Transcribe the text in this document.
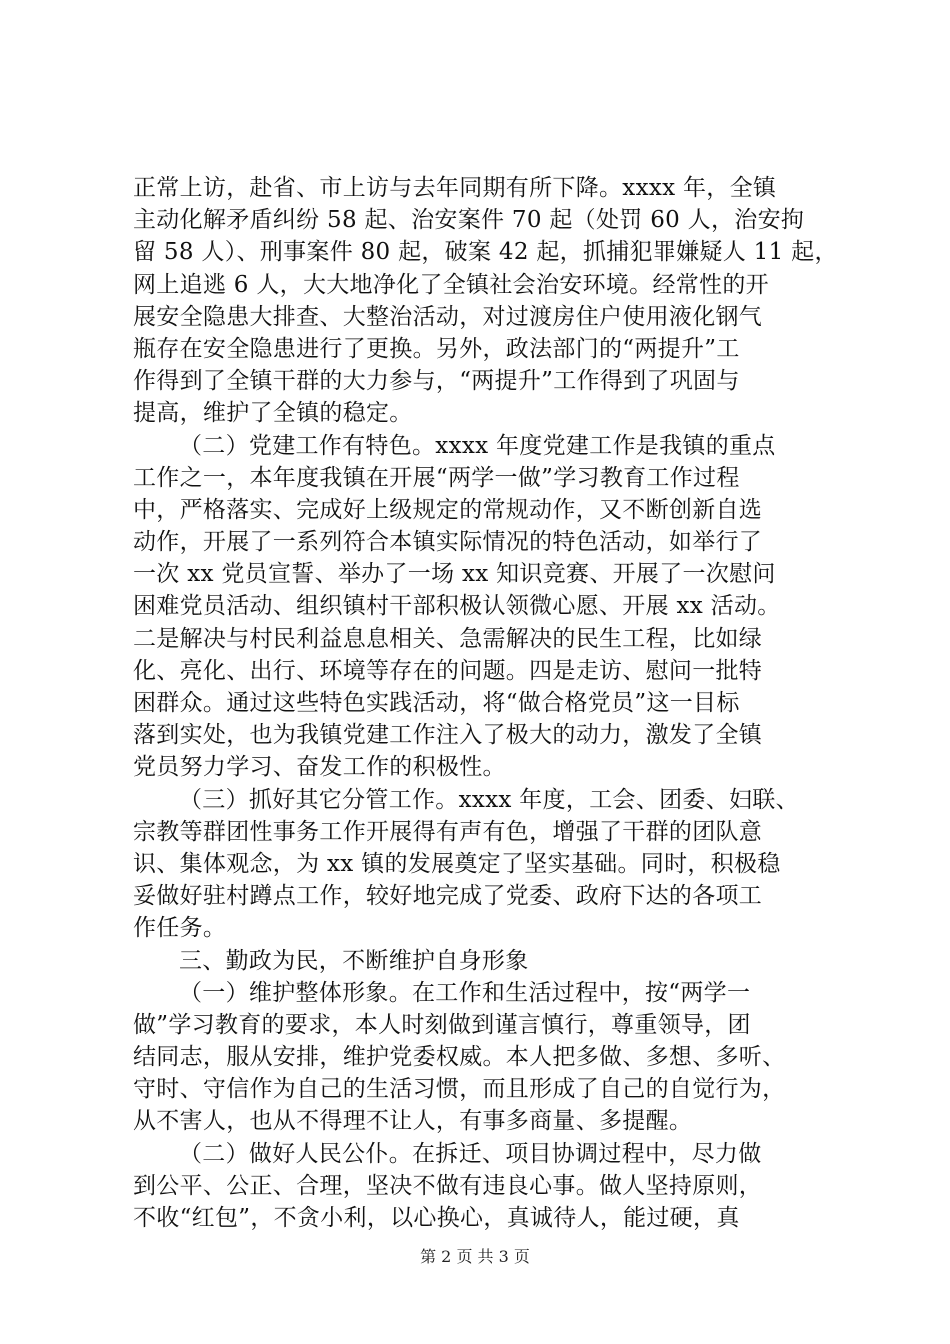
正常上访，赴省、市上访与去年同期有所下降。xxxx 年，全镇
主动化解矛盾纠纷 58 起、治安案件 70 起（处罚 60 人，治安拘
留 58 人）、刑事案件 80 起，破案 42 起，抓捕犯罪嫌疑人 11 起，
网上追逃 6 人，大大地净化了全镇社会治安环境。经常性的开
展安全隐患大排查、大整治活动，对过渡房住户使用液化钢气
瓶存在安全隐患进行了更换。另外，政法部门的“两提升”工
作得到了全镇干群的大力参与，“两提升”工作得到了巩固与
提高，维护了全镇的稳定。
（二）党建工作有特色。xxxx 年度党建工作是我镇的重点
工作之一，本年度我镇在开展“两学一做”学习教育工作过程
中，严格落实、完成好上级规定的常规动作，又不断创新自选
动作，开展了一系列符合本镇实际情况的特色活动，如举行了
一次 xx 党员宣誓、举办了一场 xx 知识竞赛、开展了一次慰问
困难党员活动、组织镇村干部积极认领微心愿、开展 xx 活动。
二是解决与村民利益息息相关、急需解决的民生工程，比如绿
化、亮化、出行、环境等存在的问题。四是走访、慰问一批特
困群众。通过这些特色实践活动，将“做合格党员”这一目标
落到实处，也为我镇党建工作注入了极大的动力，激发了全镇
党员努力学习、奋发工作的积极性。
（三）抓好其它分管工作。xxxx 年度，工会、团委、妇联、
宗教等群团性事务工作开展得有声有色，增强了干群的团队意
识、集体观念，为 xx 镇的发展奠定了坚实基础。同时，积极稳
妥做好驻村蹲点工作，较好地完成了党委、政府下达的各项工
作任务。
三、勤政为民，不断维护自身形象
（一）维护整体形象。在工作和生活过程中，按“两学一
做”学习教育的要求，本人时刻做到谨言慎行，尊重领导，团
结同志，服从安排，维护党委权威。本人把多做、多想、多听、
守时、守信作为自己的生活习惯，而且形成了自己的自觉行为，
从不害人，也从不得理不让人，有事多商量、多提醒。
（二）做好人民公仆。在拆迁、项目协调过程中，尽力做
到公平、公正、合理，坚决不做有违良心事。做人坚持原则，
不收“红包”，不贪小利，以心换心，真诚待人，能过硬，真
第 2 页 共 3 页
